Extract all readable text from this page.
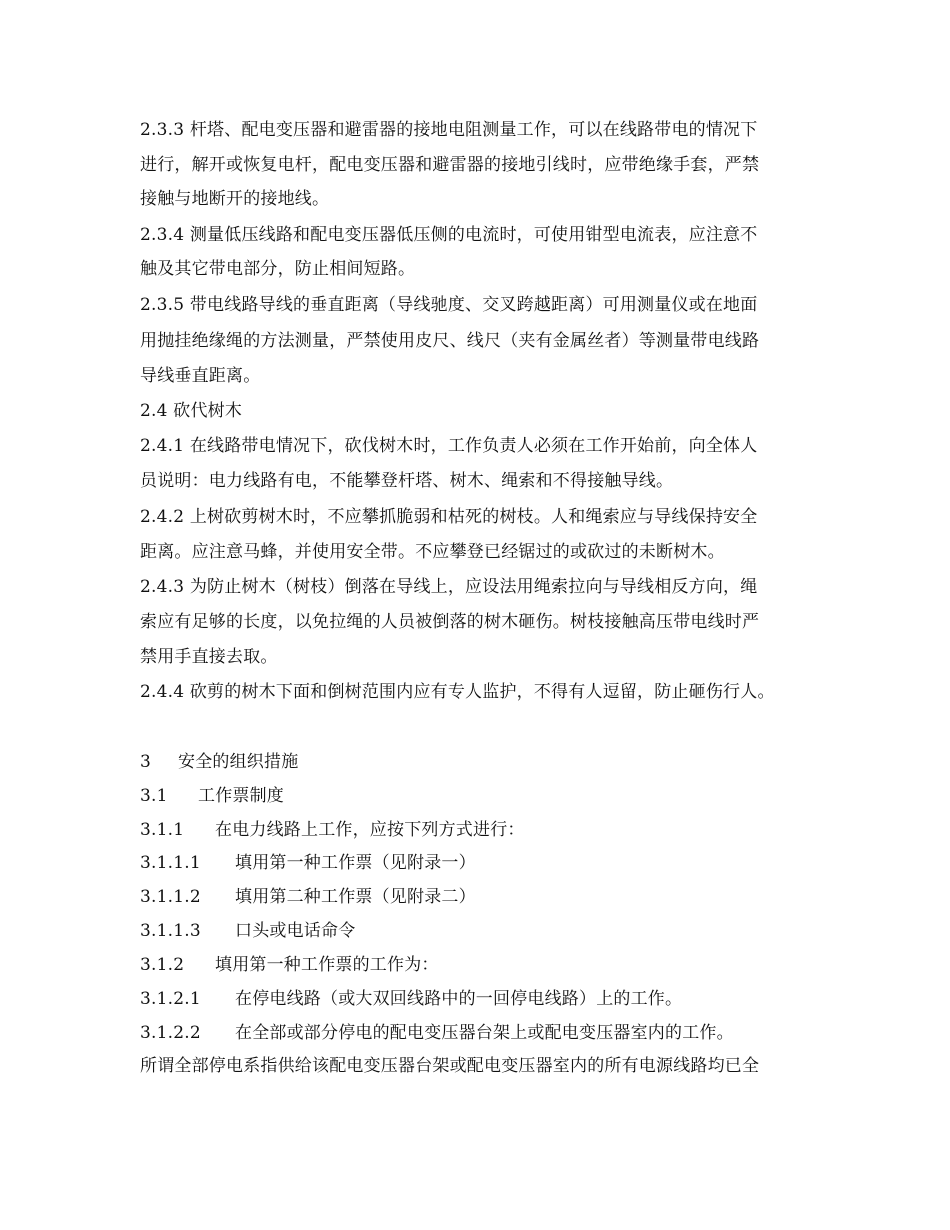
2.3.3 杆塔、配电变压器和避雷器的接地电阻测量工作，可以在线路带电的情况下
进行，解开或恢复电杆，配电变压器和避雷器的接地引线时，应带绝缘手套，严禁
接触与地断开的接地线。
2.3.4 测量低压线路和配电变压器低压侧的电流时，可使用钳型电流表，应注意不
触及其它带电部分，防止相间短路。
2.3.5 带电线路导线的垂直距离（导线驰度、交叉跨越距离）可用测量仪或在地面
用抛挂绝缘绳的方法测量，严禁使用皮尺、线尺（夹有金属丝者）等测量带电线路
导线垂直距离。
2.4 砍代树木
2.4.1 在线路带电情况下，砍伐树木时，工作负责人必须在工作开始前，向全体人
员说明：电力线路有电，不能攀登杆塔、树木、绳索和不得接触导线。
2.4.2 上树砍剪树木时，不应攀抓脆弱和枯死的树枝。人和绳索应与导线保持安全
距离。应注意马蜂，并使用安全带。不应攀登已经锯过的或砍过的未断树木。
2.4.3 为防止树木（树枝）倒落在导线上，应设法用绳索拉向与导线相反方向，绳
索应有足够的长度，以免拉绳的人员被倒落的树木砸伤。树枝接触高压带电线时严
禁用手直接去取。
2.4.4 砍剪的树木下面和倒树范围内应有专人监护，不得有人逗留，防止砸伤行人。
3 安全的组织措施
3.1 工作票制度
3.1.1 在电力线路上工作，应按下列方式进行：
3.1.1.1 填用第一种工作票（见附录一）
3.1.1.2 填用第二种工作票（见附录二）
3.1.1.3 口头或电话命令
3.1.2 填用第一种工作票的工作为：
3.1.2.1 在停电线路（或大双回线路中的一回停电线路）上的工作。
3.1.2.2 在全部或部分停电的配电变压器台架上或配电变压器室内的工作。
所谓全部停电系指供给该配电变压器台架或配电变压器室内的所有电源线路均已全
